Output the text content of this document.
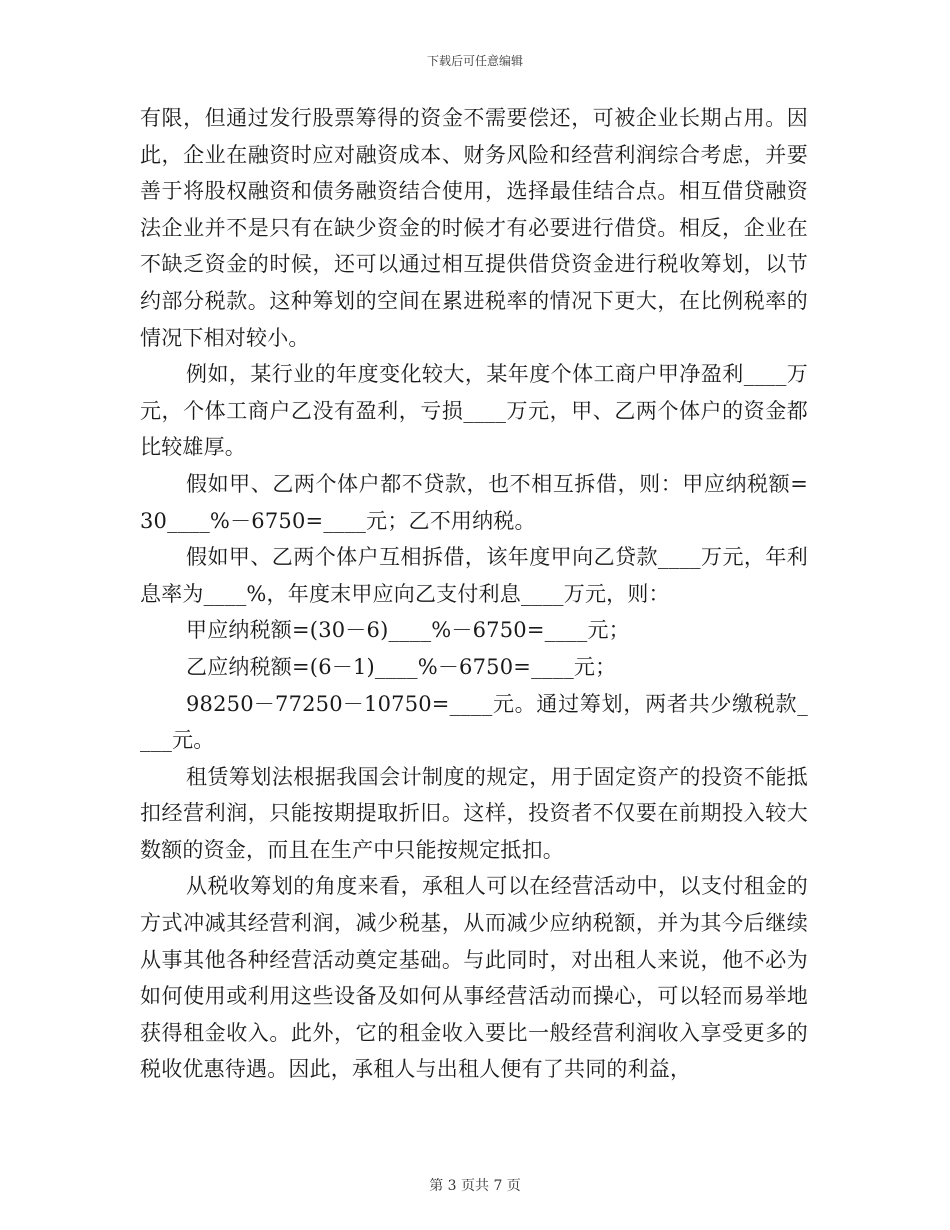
下载后可任意编辑

有限，但通过发行股票筹得的资金不需要偿还，可被企业长期占用。因此，企业在融资时应对融资成本、财务风险和经营利润综合考虑，并要善于将股权融资和债务融资结合使用，选择最佳结合点。相互借贷融资法企业并不是只有在缺少资金的时候才有必要进行借贷。相反，企业在不缺乏资金的时候，还可以通过相互提供借贷资金进行税收筹划，以节约部分税款。这种筹划的空间在累进税率的情况下更大，在比例税率的情况下相对较小。

例如，某行业的年度变化较大，某年度个体工商户甲净盈利____万元，个体工商户乙没有盈利，亏损____万元，甲、乙两个体户的资金都比较雄厚。

假如甲、乙两个体户都不贷款，也不相互拆借，则：甲应纳税额=30____%－6750=____元；乙不用纳税。

假如甲、乙两个体户互相拆借，该年度甲向乙贷款____万元，年利息率为____%，年度末甲应向乙支付利息____万元，则：

甲应纳税额=(30－6)____%－6750=____元；

乙应纳税额=(6－1)____%－6750=____元；

98250－77250－10750=____元。通过筹划，两者共少缴税款____元。

租赁筹划法根据我国会计制度的规定，用于固定资产的投资不能抵扣经营利润，只能按期提取折旧。这样，投资者不仅要在前期投入较大数额的资金，而且在生产中只能按规定抵扣。

从税收筹划的角度来看，承租人可以在经营活动中，以支付租金的方式冲减其经营利润，减少税基，从而减少应纳税额，并为其今后继续从事其他各种经营活动奠定基础。与此同时，对出租人来说，他不必为如何使用或利用这些设备及如何从事经营活动而操心，可以轻而易举地获得租金收入。此外，它的租金收入要比一般经营利润收入享受更多的税收优惠待遇。因此，承租人与出租人便有了共同的利益，

第 3 页共 7 页
